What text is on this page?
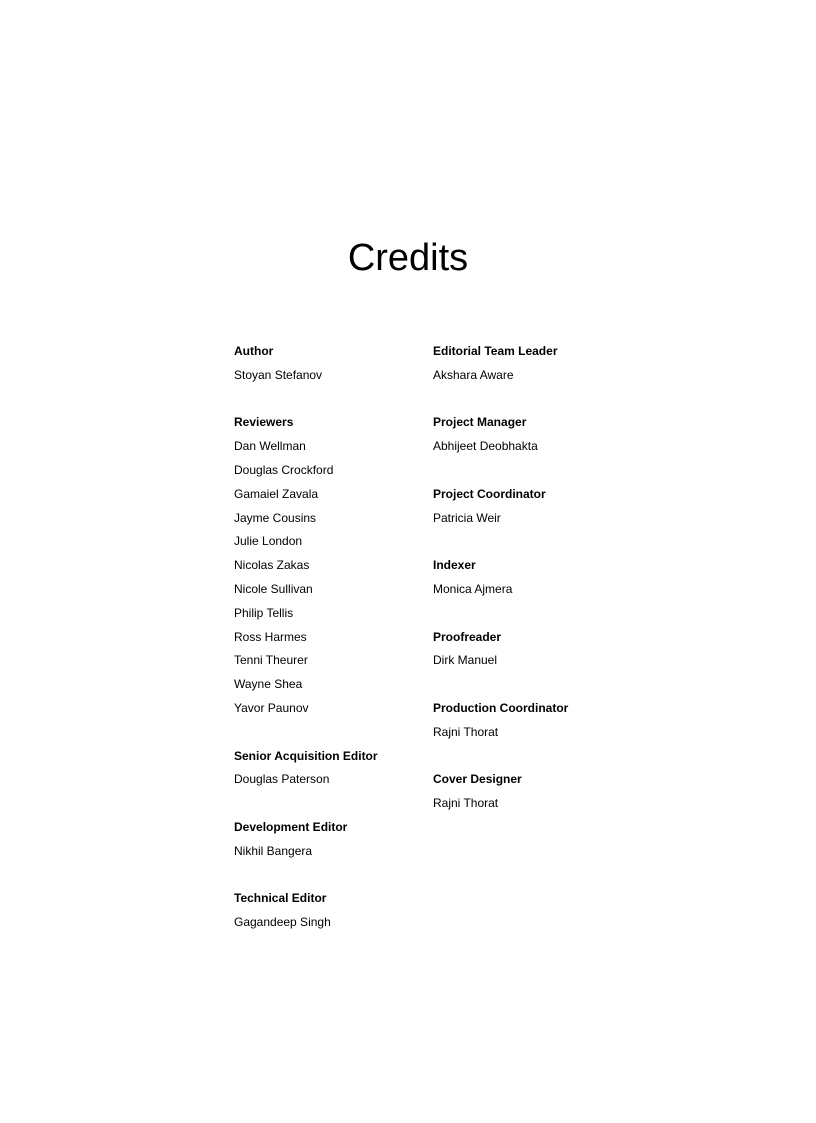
Credits
Author
Stoyan Stefanov
Reviewers
Dan Wellman
Douglas Crockford
Gamaiel Zavala
Jayme Cousins
Julie London
Nicolas Zakas
Nicole Sullivan
Philip Tellis
Ross Harmes
Tenni Theurer
Wayne Shea
Yavor Paunov
Senior Acquisition Editor
Douglas Paterson
Development Editor
Nikhil Bangera
Technical Editor
Gagandeep Singh
Editorial Team Leader
Akshara Aware
Project Manager
Abhijeet Deobhakta
Project Coordinator
Patricia Weir
Indexer
Monica Ajmera
Proofreader
Dirk Manuel
Production Coordinator
Rajni Thorat
Cover Designer
Rajni Thorat
